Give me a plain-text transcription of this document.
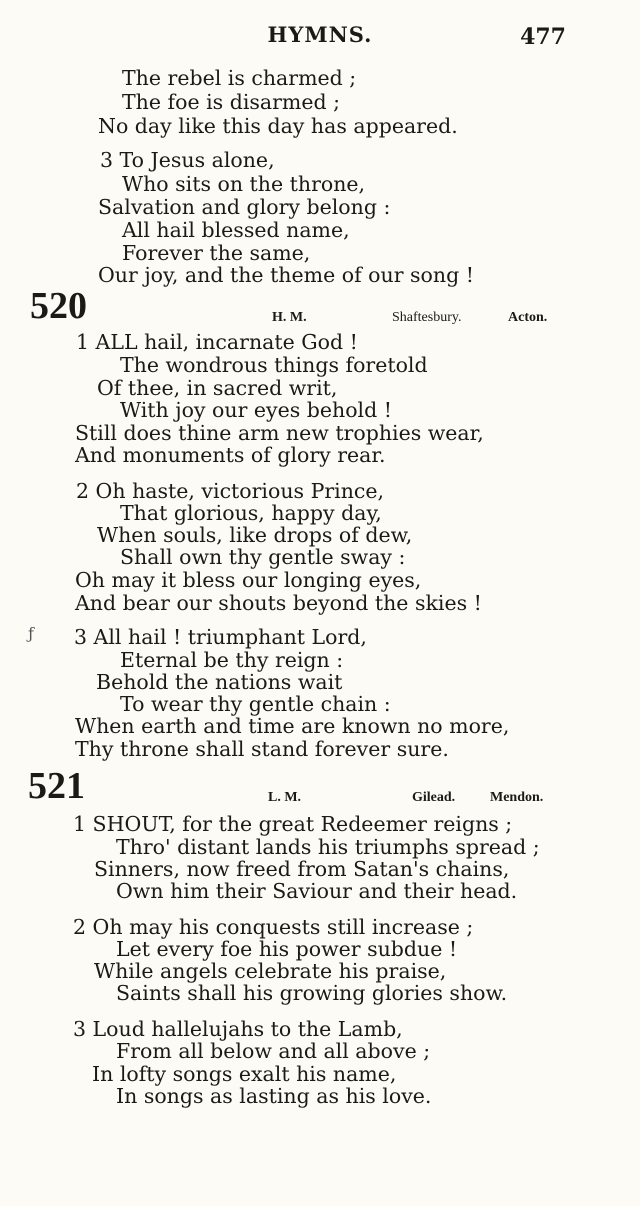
HYMNS.	477
The rebel is charmed ;
The foe is disarmed ;
No day like this day has appeared.
3 To Jesus alone,
Who sits on the throne,
Salvation and glory belong :
All hail blessed name,
Forever the same,
Our joy, and the theme of our song !
520	H. M.	Shaftesbury.	Acton.
1 ALL hail, incarnate God !
The wondrous things foretold
Of thee, in sacred writ,
With joy our eyes behold !
Still does thine arm new trophies wear,
And monuments of glory rear.
2 Oh haste, victorious Prince,
That glorious, happy day,
When souls, like drops of dew,
Shall own thy gentle sway :
Oh may it bless our longing eyes,
And bear our shouts beyond the skies !
ƒ 3 All hail ! triumphant Lord,
Eternal be thy reign :
Behold the nations wait
To wear thy gentle chain :
When earth and time are known no more,
Thy throne shall stand forever sure.
521	L. M.	Gilead. Mendon.
1 SHOUT, for the great Redeemer reigns ;
Thro' distant lands his triumphs spread ;
Sinners, now freed from Satan's chains,
Own him their Saviour and their head.
2 Oh may his conquests still increase ;
Let every foe his power subdue !
While angels celebrate his praise,
Saints shall his growing glories show.
3 Loud hallelujahs to the Lamb,
From all below and all above ;
In lofty songs exalt his name,
In songs as lasting as his love.
